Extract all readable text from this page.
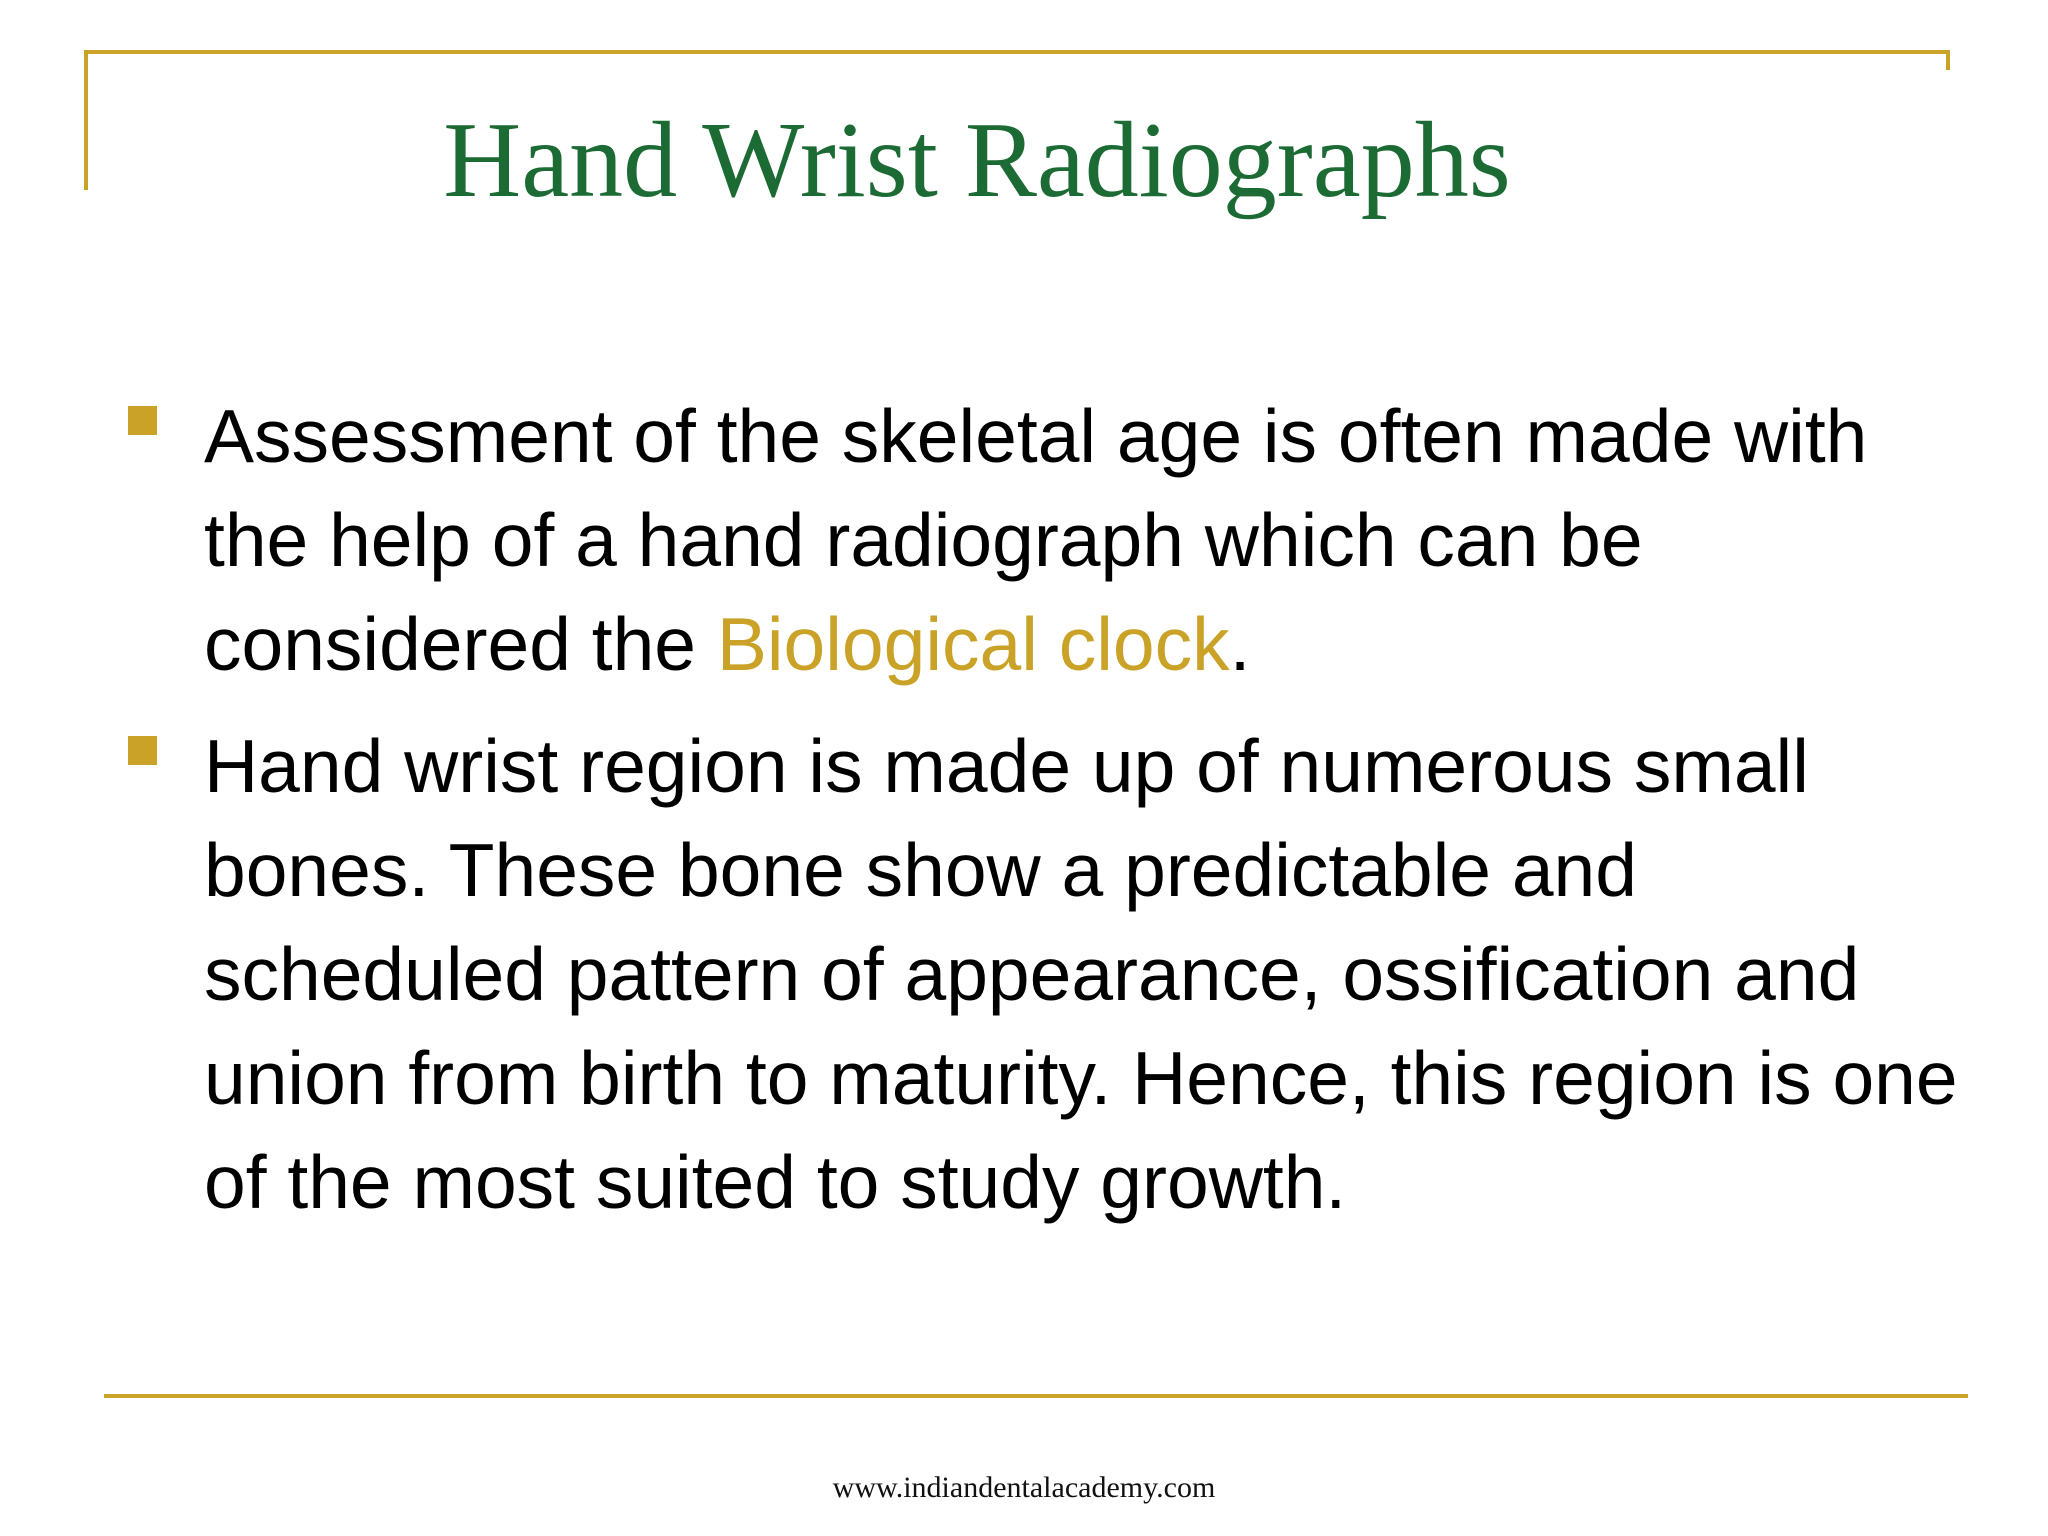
Hand Wrist Radiographs
Assessment of the skeletal age is often made with the help of a hand radiograph which can be considered the Biological clock.
Hand wrist region is made up of numerous small bones. These bone show a predictable and scheduled pattern of appearance, ossification and union from birth to maturity. Hence, this region is one of the most suited to study growth.
www.indiandentalacademy.com
